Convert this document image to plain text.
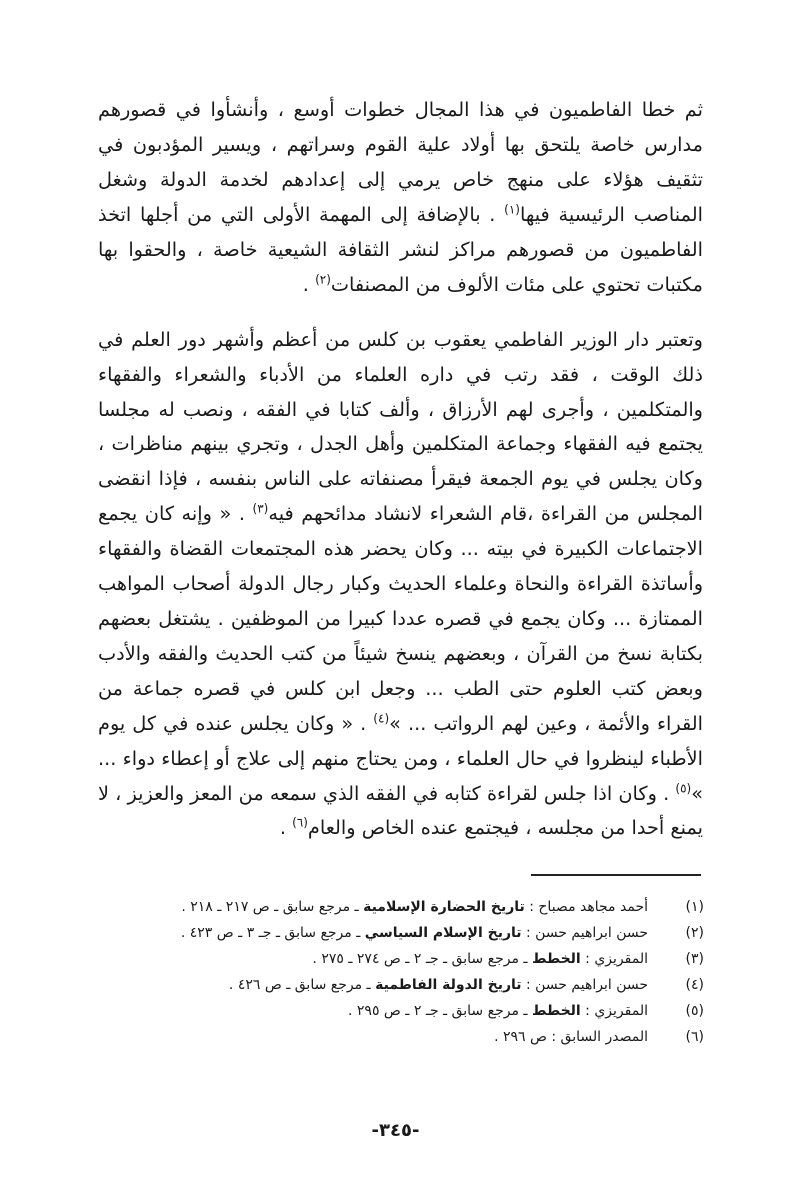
ثم خطا الفاطميون في هذا المجال خطوات أوسع ، وأنشأوا في قصورهم مدارس خاصة يلتحق بها أولاد علية القوم وسراتهم ، ويسير المؤدبون في تثقيف هؤلاء على منهج خاص يرمي إلى إعدادهم لخدمة الدولة وشغل المناصب الرئيسية فيها$^{(١)}$ . بالإضافة إلى المهمة الأولى التي من أجلها اتخذ الفاطميون من قصورهم مراكز لنشر الثقافة الشيعية خاصة ، والحقوا بها مكتبات تحتوي على مئات الألوف من المصنفات$^{(٢)}$ .

وتعتبر دار الوزير الفاطمي يعقوب بن كلس من أعظم وأشهر دور العلم في ذلك الوقت ، فقد رتب في داره العلماء من الأدباء والشعراء والفقهاء والمتكلمين ، وأجرى لهم الأرزاق ، وألف كتابا في الفقه ، ونصب له مجلسا يجتمع فيه الفقهاء وجماعة المتكلمين وأهل الجدل ، وتجري بينهم مناظرات ، وكان يجلس في يوم الجمعة فيقرأ مصنفاته على الناس بنفسه ، فإذا انقضى المجلس من القراءة ،قام الشعراء لانشاد مدائحهم فيه$^{(٣)}$ . « وإنه كان يجمع الاجتماعات الكبيرة في بيته ... وكان يحضر هذه المجتمعات القضاة والفقهاء وأساتذة القراءة والنحاة وعلماء الحديث وكبار رجال الدولة أصحاب المواهب الممتازة ... وكان يجمع في قصره عددا كبيرا من الموظفين . يشتغل بعضهم بكتابة نسخ من القرآن ، وبعضهم ينسخ شيئاً من كتب الحديث والفقه والأدب وبعض كتب العلوم حتى الطب ... وجعل ابن كلس في قصره جماعة من القراء والأئمة ، وعين لهم الرواتب ... »$^{(٤)}$ . « وكان يجلس عنده في كل يوم الأطباء لينظروا في حال العلماء ، ومن يحتاج منهم إلى علاج أو إعطاء دواء ... »$^{(٥)}$ . وكان اذا جلس لقراءة كتابه في الفقه الذي سمعه من المعز والعزيز ، لا يمنع أحدا من مجلسه ، فيجتمع عنده الخاص والعام$^{(٦)}$ .

(١)
أحمد مجاهد مصباح : تاريخ الحضارة الإسلامية ـ مرجع سابق ـ ص ٢١٧ ـ ٢١٨ .
(٢)
حسن ابراهيم حسن : تاريخ الإسلام السياسي ـ مرجع سابق ـ جـ ٣ ـ ص ٤٢٣ .
(٣)
المقريزي : الخطط ـ مرجع سابق ـ جـ ٢ ـ ص ٢٧٤ ـ ٢٧٥ .
(٤)
حسن ابراهيم حسن : تاريخ الدولة الفاطمية ـ مرجع سابق ـ ص ٤٢٦ .
(٥)
المقريزي : الخطط ـ مرجع سابق ـ جـ ٢ ـ ص ٢٩٥ .
(٦)
المصدر السابق : ص ٢٩٦ .
-٣٤٥-
